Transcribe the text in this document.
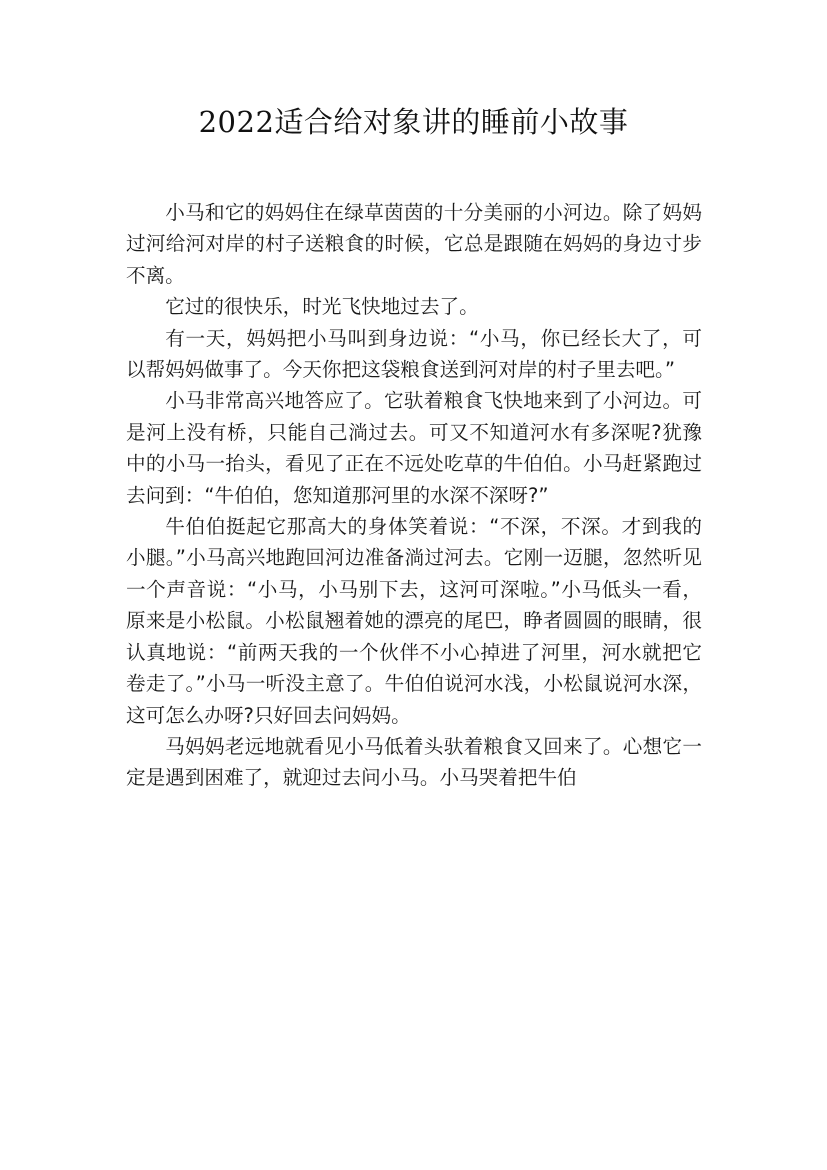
2022适合给对象讲的睡前小故事

小马和它的妈妈住在绿草茵茵的十分美丽的小河边。除了妈妈过河给河对岸的村子送粮食的时候，它总是跟随在妈妈的身边寸步不离。

它过的很快乐，时光飞快地过去了。

有一天，妈妈把小马叫到身边说：“小马，你已经长大了，可以帮妈妈做事了。今天你把这袋粮食送到河对岸的村子里去吧。”

小马非常高兴地答应了。它驮着粮食飞快地来到了小河边。可是河上没有桥，只能自己淌过去。可又不知道河水有多深呢?犹豫中的小马一抬头，看见了正在不远处吃草的牛伯伯。小马赶紧跑过去问到：“牛伯伯，您知道那河里的水深不深呀?”

牛伯伯挺起它那高大的身体笑着说：“不深，不深。才到我的小腿。”小马高兴地跑回河边准备淌过河去。它刚一迈腿，忽然听见一个声音说：“小马，小马别下去，这河可深啦。”小马低头一看，原来是小松鼠。小松鼠翘着她的漂亮的尾巴，睁者圆圆的眼睛，很认真地说：“前两天我的一个伙伴不小心掉进了河里，河水就把它卷走了。”小马一听没主意了。牛伯伯说河水浅，小松鼠说河水深，这可怎么办呀?只好回去问妈妈。

马妈妈老远地就看见小马低着头驮着粮食又回来了。心想它一定是遇到困难了，就迎过去问小马。小马哭着把牛伯
